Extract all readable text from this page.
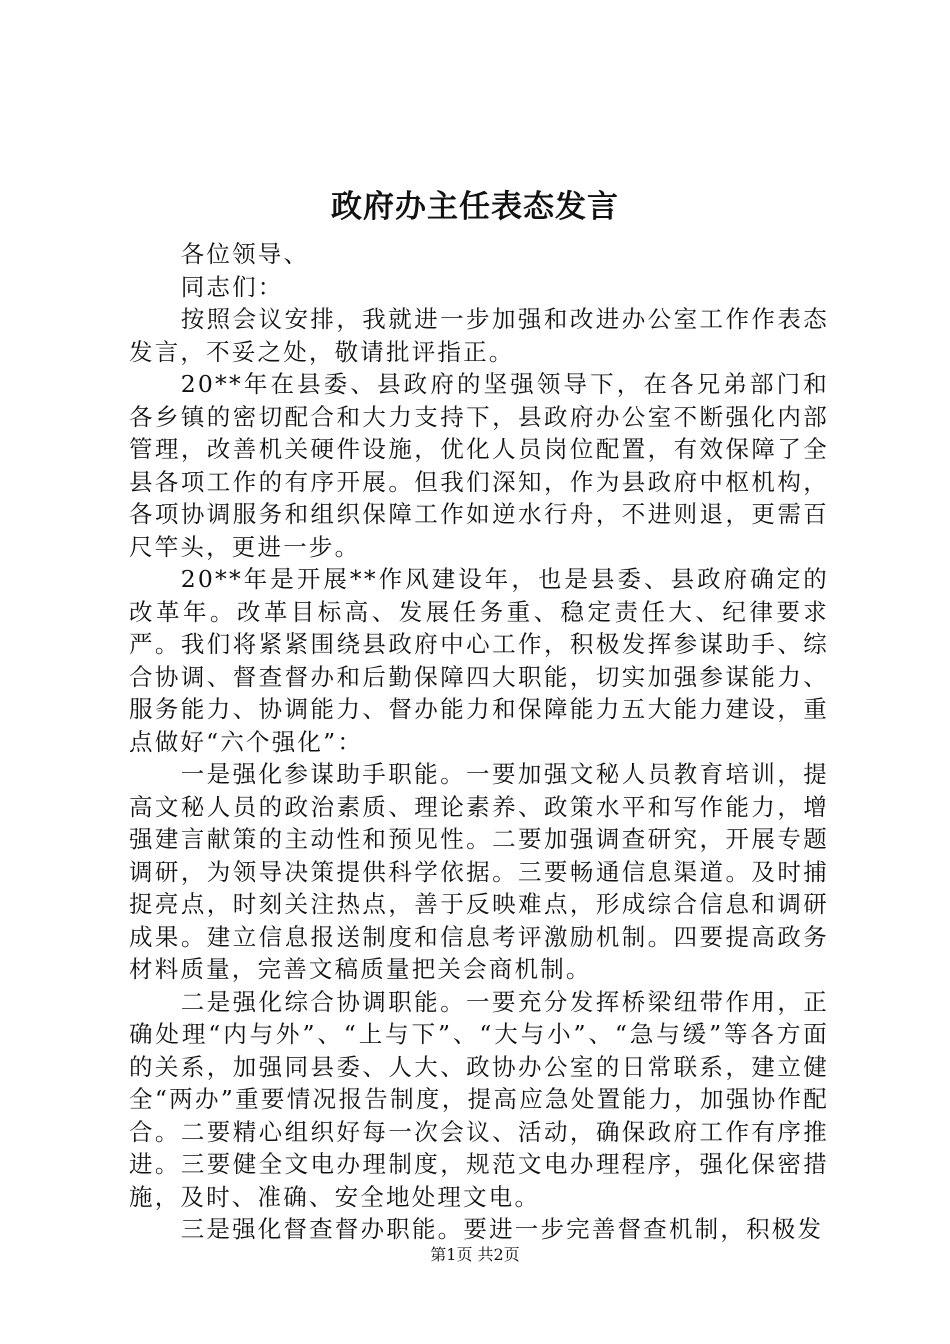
政府办主任表态发言

各位领导、

同志们：

按照会议安排，我就进一步加强和改进办公室工作作表态发言，不妥之处，敬请批评指正。

20**年在县委、县政府的坚强领导下，在各兄弟部门和各乡镇的密切配合和大力支持下，县政府办公室不断强化内部管理，改善机关硬件设施，优化人员岗位配置，有效保障了全县各项工作的有序开展。但我们深知，作为县政府中枢机构，各项协调服务和组织保障工作如逆水行舟，不进则退，更需百尺竿头，更进一步。

20**年是开展**作风建设年，也是县委、县政府确定的改革年。改革目标高、发展任务重、稳定责任大、纪律要求严。我们将紧紧围绕县政府中心工作，积极发挥参谋助手、综合协调、督查督办和后勤保障四大职能，切实加强参谋能力、服务能力、协调能力、督办能力和保障能力五大能力建设，重点做好“六个强化”：

一是强化参谋助手职能。一要加强文秘人员教育培训，提高文秘人员的政治素质、理论素养、政策水平和写作能力，增强建言献策的主动性和预见性。二要加强调查研究，开展专题调研，为领导决策提供科学依据。三要畅通信息渠道。及时捕捉亮点，时刻关注热点，善于反映难点，形成综合信息和调研成果。建立信息报送制度和信息考评激励机制。四要提高政务材料质量，完善文稿质量把关会商机制。

二是强化综合协调职能。一要充分发挥桥梁纽带作用，正确处理“内与外”、“上与下”、“大与小”、“急与缓”等各方面的关系，加强同县委、人大、政协办公室的日常联系，建立健全“两办”重要情况报告制度，提高应急处置能力，加强协作配合。二要精心组织好每一次会议、活动，确保政府工作有序推进。三要健全文电办理制度，规范文电办理程序，强化保密措施，及时、准确、安全地处理文电。

三是强化督查督办职能。要进一步完善督查机制，积极发

第1页 共2页
